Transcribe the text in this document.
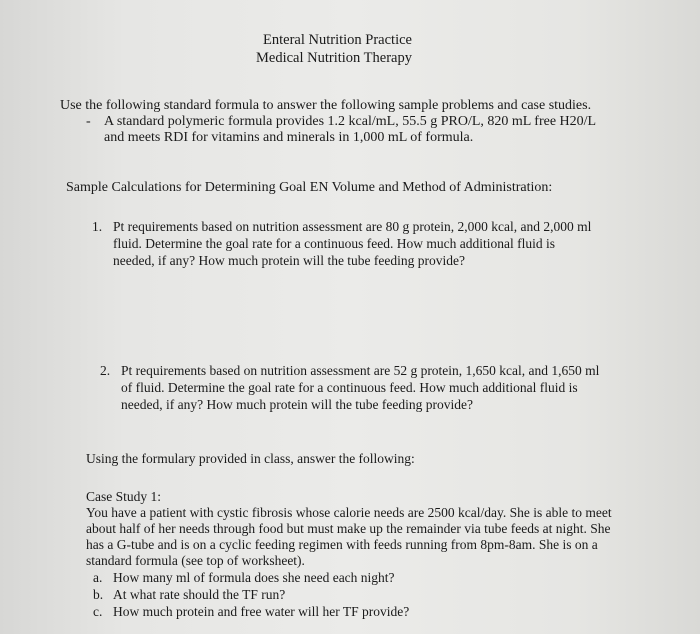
Enteral Nutrition Practice
Medical Nutrition Therapy
Use the following standard formula to answer the following sample problems and case studies.
- A standard polymeric formula provides 1.2 kcal/mL, 55.5 g PRO/L, 820 mL free H20/L
and meets RDI for vitamins and minerals in 1,000 mL of formula.
Sample Calculations for Determining Goal EN Volume and Method of Administration:
1. Pt requirements based on nutrition assessment are 80 g protein, 2,000 kcal, and 2,000 ml
fluid. Determine the goal rate for a continuous feed. How much additional fluid is
needed, if any? How much protein will the tube feeding provide?
2. Pt requirements based on nutrition assessment are 52 g protein, 1,650 kcal, and 1,650 ml
of fluid. Determine the goal rate for a continuous feed. How much additional fluid is
needed, if any? How much protein will the tube feeding provide?
Using the formulary provided in class, answer the following:
Case Study 1:
You have a patient with cystic fibrosis whose calorie needs are 2500 kcal/day. She is able to meet
about half of her needs through food but must make up the remainder via tube feeds at night. She
has a G-tube and is on a cyclic feeding regimen with feeds running from 8pm-8am. She is on a
standard formula (see top of worksheet).
a. How many ml of formula does she need each night?
b. At what rate should the TF run?
c. How much protein and free water will her TF provide?
